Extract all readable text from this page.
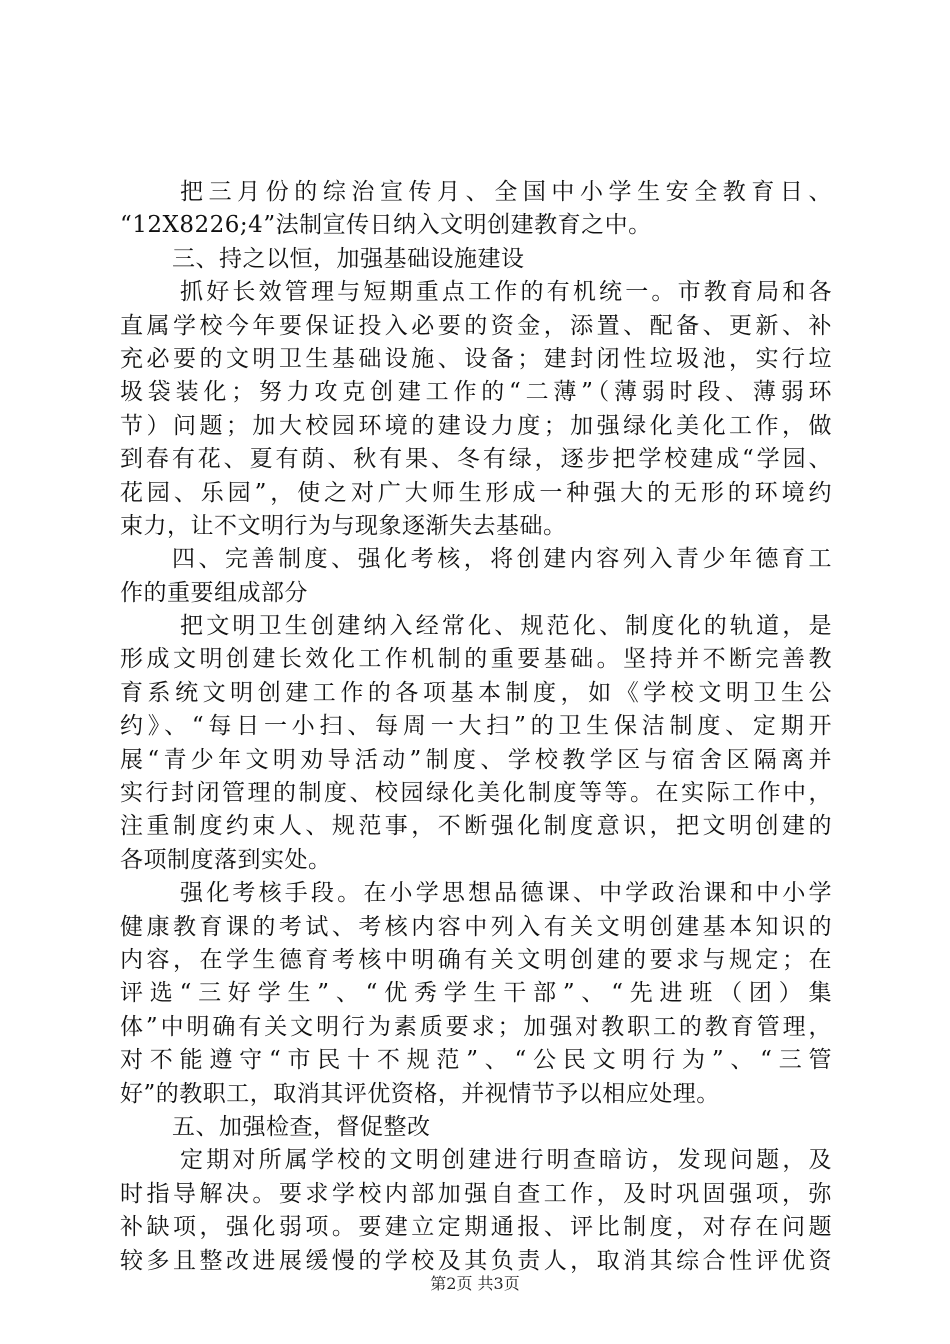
把三月份的综治宣传月、全国中小学生安全教育日、
“12X8226;4”法制宣传日纳入文明创建教育之中。
三、持之以恒，加强基础设施建设
抓好长效管理与短期重点工作的有机统一。市教育局和各
直属学校今年要保证投入必要的资金，添置、配备、更新、补
充必要的文明卫生基础设施、设备；建封闭性垃圾池，实行垃
圾袋装化；努力攻克创建工作的“二薄”（薄弱时段、薄弱环
节）问题；加大校园环境的建设力度；加强绿化美化工作，做
到春有花、夏有荫、秋有果、冬有绿，逐步把学校建成“学园、
花园、乐园”，使之对广大师生形成一种强大的无形的环境约
束力，让不文明行为与现象逐渐失去基础。
四、完善制度、强化考核，将创建内容列入青少年德育工
作的重要组成部分
把文明卫生创建纳入经常化、规范化、制度化的轨道，是
形成文明创建长效化工作机制的重要基础。坚持并不断完善教
育系统文明创建工作的各项基本制度，如《学校文明卫生公
约》、“每日一小扫、每周一大扫”的卫生保洁制度、定期开
展“青少年文明劝导活动”制度、学校教学区与宿舍区隔离并
实行封闭管理的制度、校园绿化美化制度等等。在实际工作中，
注重制度约束人、规范事，不断强化制度意识，把文明创建的
各项制度落到实处。
强化考核手段。在小学思想品德课、中学政治课和中小学
健康教育课的考试、考核内容中列入有关文明创建基本知识的
内容，在学生德育考核中明确有关文明创建的要求与规定；在
评选“三好学生”、“优秀学生干部”、“先进班（团）集
体”中明确有关文明行为素质要求；加强对教职工的教育管理，
对不能遵守“市民十不规范”、“公民文明行为”、“三管
好”的教职工，取消其评优资格，并视情节予以相应处理。
五、加强检查，督促整改
定期对所属学校的文明创建进行明查暗访，发现问题，及
时指导解决。要求学校内部加强自查工作，及时巩固强项，弥
补缺项，强化弱项。要建立定期通报、评比制度，对存在问题
较多且整改进展缓慢的学校及其负责人，取消其综合性评优资
第2页 共3页
